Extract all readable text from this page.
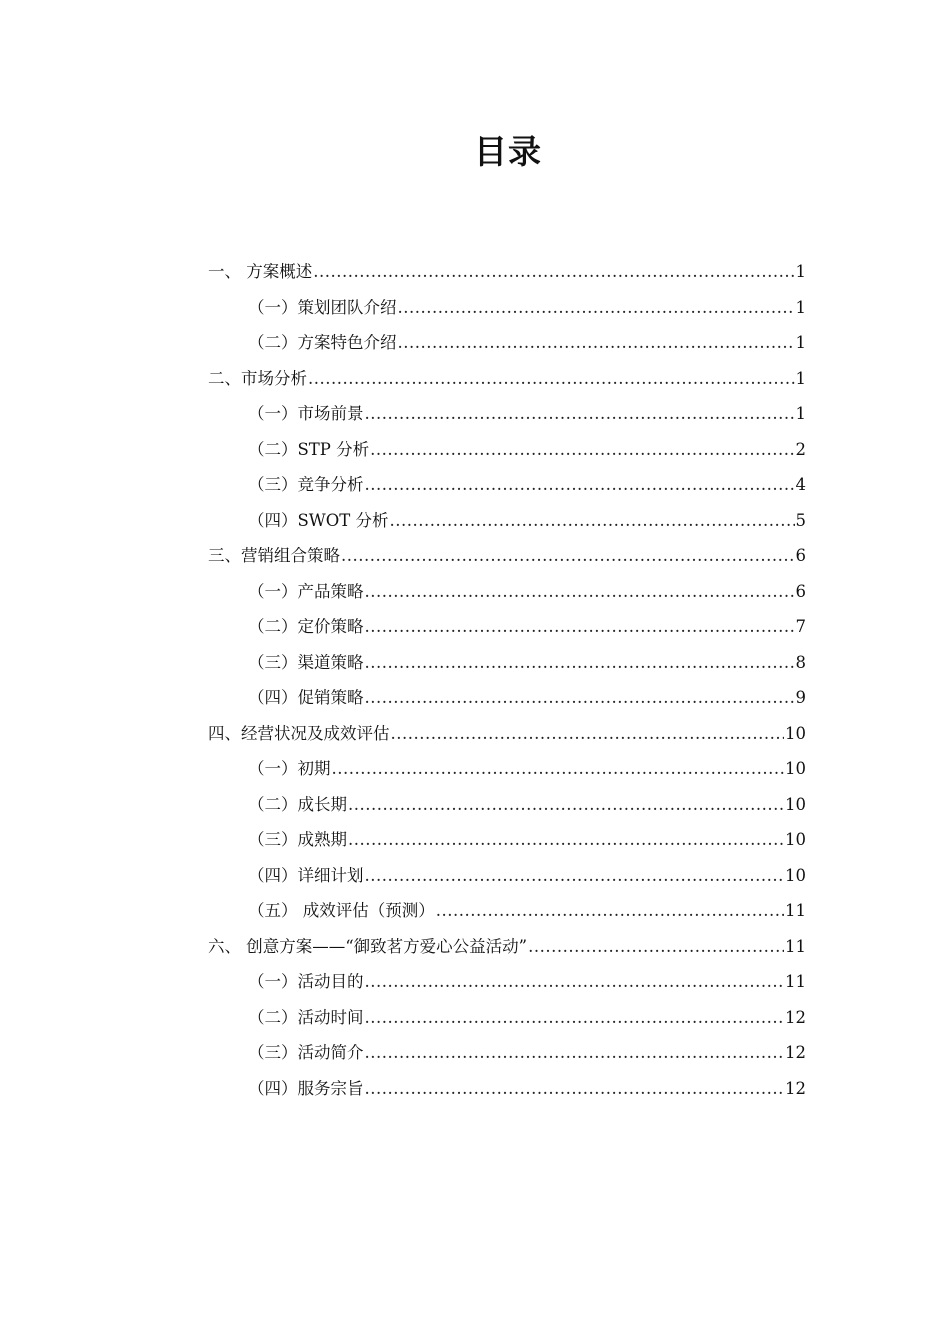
目录
一、 方案概述 .....	1
（一）策划团队介绍 .....	1
（二）方案特色介绍 .....	1
二、市场分析 .....	1
（一）市场前景 .....	1
（二）STP 分析 .....	2
（三）竞争分析 .....	4
（四）SWOT 分析 .....	5
三、营销组合策略 .....	6
（一）产品策略 .....	6
（二）定价策略 .....	7
（三）渠道策略 .....	8
（四）促销策略 .....	9
四、经营状况及成效评估 .....	10
（一）初期 .....	10
（二）成长期 .....	10
（三）成熟期 .....	10
（四）详细计划 .....	10
（五） 成效评估（预测） .....	11
六、 创意方案——“御致茗方爱心公益活动” .....	11
（一）活动目的 .....	11
（二）活动时间 .....	12
（三）活动简介 .....	12
（四）服务宗旨 .....	12
